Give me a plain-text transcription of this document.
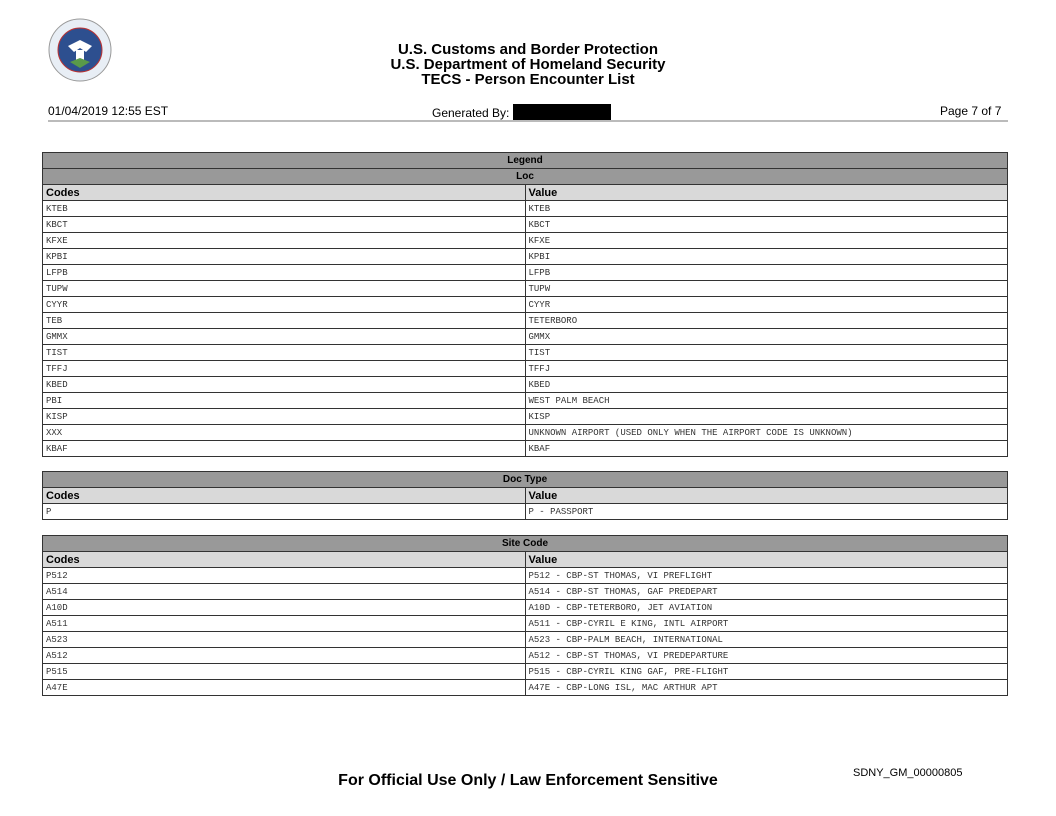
U.S. Customs and Border Protection
U.S. Department of Homeland Security
TECS - Person Encounter List
01/04/2019 12:55 EST	Generated By:	Page 7 of 7
Legend	
Loc	
Codes	Value
KTEB	KTEB
KBCT	KBCT
KFXE	KFXE
KPBI	KPBI
LFPB	LFPB
TUPW	TUPW
CYYR	CYYR
TEB	TETERBORO
GMMX	GMMX
TIST	TIST
TFFJ	TFFJ
KBED	KBED
PBI	WEST PALM BEACH
KISP	KISP
XXX	UNKNOWN AIRPORT (USED ONLY WHEN THE AIRPORT CODE IS UNKNOWN)
KBAF	KBAF
Doc Type	
Codes	Value
P	P - PASSPORT
Site Code	
Codes	Value
P512	P512 - CBP-ST THOMAS, VI PREFLIGHT
A514	A514 - CBP-ST THOMAS, GAF PREDEPART
A10D	A10D - CBP-TETERBORO, JET AVIATION
A511	A511 - CBP-CYRIL E KING, INTL AIRPORT
A523	A523 - CBP-PALM BEACH, INTERNATIONAL
A512	A512 - CBP-ST THOMAS, VI PREDEPARTURE
P515	P515 - CBP-CYRIL KING GAF, PRE-FLIGHT
A47E	A47E - CBP-LONG ISL, MAC ARTHUR APT
For Official Use Only / Law Enforcement Sensitive	SDNY_GM_00000805
